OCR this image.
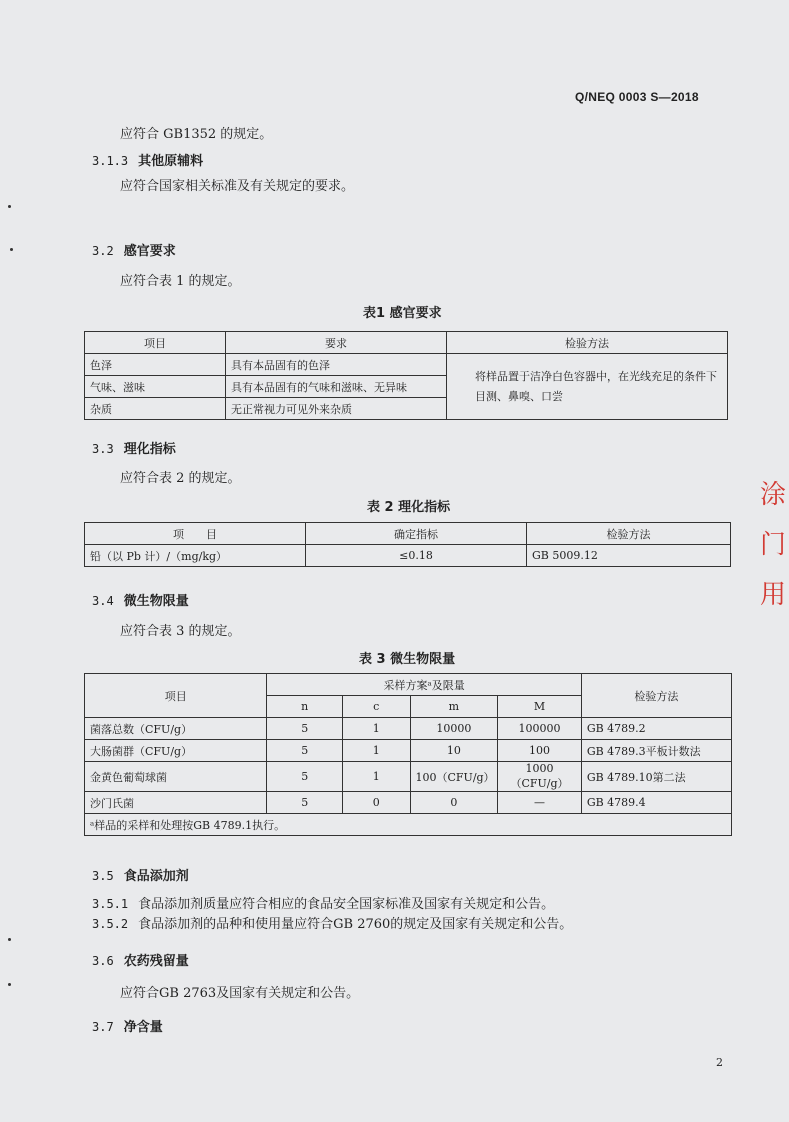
Q/NEQ 0003 S—2018
应符合 GB1352 的规定。
3.1.3 其他原辅料
应符合国家相关标准及有关规定的要求。
3.2 感官要求
应符合表 1 的规定。
表1 感官要求
项目	要求	检验方法
色泽	具有本品固有的色泽	将样品置于洁净白色容器中，在光线充足的条件下目测、鼻嗅、口尝
气味、滋味	具有本品固有的气味和滋味、无异味	
杂质	无正常视力可见外来杂质	
3.3 理化指标
应符合表 2 的规定。
表 2 理化指标
项　　目	确定指标	检验方法
铅（以 Pb 计）/（mg/kg）	≤0.18	GB 5009.12
3.4 微生物限量
应符合表 3 的规定。
表 3 微生物限量
项目	采样方案ᵃ及限量				检验方法
	n	c	m	M	
菌落总数（CFU/g）	5	1	10000	100000	GB 4789.2
大肠菌群（CFU/g）	5	1	10	100	GB 4789.3平板计数法
金黄色葡萄球菌	5	1	100（CFU/g）	1000（CFU/g）	GB 4789.10第二法
沙门氏菌	5	0	0	—	GB 4789.4
ᵃ样品的采样和处理按GB 4789.1执行。					
3.5 食品添加剂
3.5.1 食品添加剂质量应符合相应的食品安全国家标准及国家有关规定和公告。
3.5.2 食品添加剂的品种和使用量应符合GB 2760的规定及国家有关规定和公告。
3.6 农药残留量
应符合GB 2763及国家有关规定和公告。
3.7 净含量
2
涂 门 用
